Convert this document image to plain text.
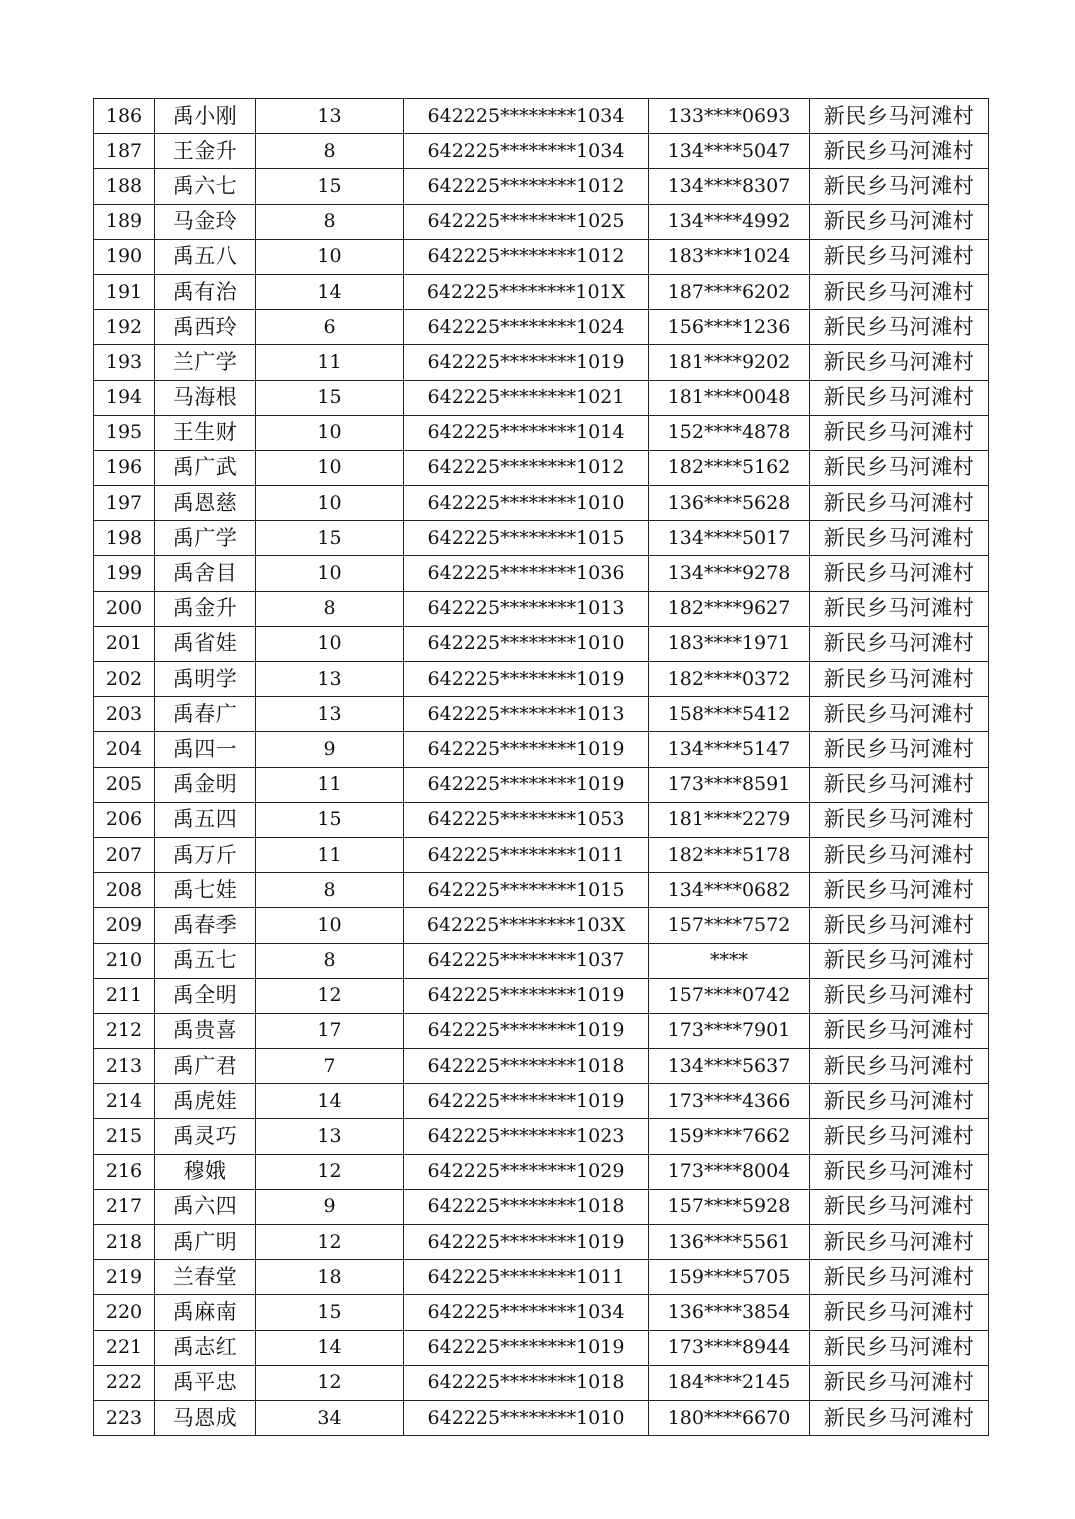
186	禹小刚	13	642225********1034	133****0693	新民乡马河滩村
187	王金升	8	642225********1034	134****5047	新民乡马河滩村
188	禹六七	15	642225********1012	134****8307	新民乡马河滩村
189	马金玲	8	642225********1025	134****4992	新民乡马河滩村
190	禹五八	10	642225********1012	183****1024	新民乡马河滩村
191	禹有治	14	642225********101X	187****6202	新民乡马河滩村
192	禹西玲	6	642225********1024	156****1236	新民乡马河滩村
193	兰广学	11	642225********1019	181****9202	新民乡马河滩村
194	马海根	15	642225********1021	181****0048	新民乡马河滩村
195	王生财	10	642225********1014	152****4878	新民乡马河滩村
196	禹广武	10	642225********1012	182****5162	新民乡马河滩村
197	禹恩慈	10	642225********1010	136****5628	新民乡马河滩村
198	禹广学	15	642225********1015	134****5017	新民乡马河滩村
199	禹舍目	10	642225********1036	134****9278	新民乡马河滩村
200	禹金升	8	642225********1013	182****9627	新民乡马河滩村
201	禹省娃	10	642225********1010	183****1971	新民乡马河滩村
202	禹明学	13	642225********1019	182****0372	新民乡马河滩村
203	禹春广	13	642225********1013	158****5412	新民乡马河滩村
204	禹四一	9	642225********1019	134****5147	新民乡马河滩村
205	禹金明	11	642225********1019	173****8591	新民乡马河滩村
206	禹五四	15	642225********1053	181****2279	新民乡马河滩村
207	禹万斤	11	642225********1011	182****5178	新民乡马河滩村
208	禹七娃	8	642225********1015	134****0682	新民乡马河滩村
209	禹春季	10	642225********103X	157****7572	新民乡马河滩村
210	禹五七	8	642225********1037	****	新民乡马河滩村
211	禹全明	12	642225********1019	157****0742	新民乡马河滩村
212	禹贵喜	17	642225********1019	173****7901	新民乡马河滩村
213	禹广君	7	642225********1018	134****5637	新民乡马河滩村
214	禹虎娃	14	642225********1019	173****4366	新民乡马河滩村
215	禹灵巧	13	642225********1023	159****7662	新民乡马河滩村
216	穆娥	12	642225********1029	173****8004	新民乡马河滩村
217	禹六四	9	642225********1018	157****5928	新民乡马河滩村
218	禹广明	12	642225********1019	136****5561	新民乡马河滩村
219	兰春堂	18	642225********1011	159****5705	新民乡马河滩村
220	禹麻南	15	642225********1034	136****3854	新民乡马河滩村
221	禹志红	14	642225********1019	173****8944	新民乡马河滩村
222	禹平忠	12	642225********1018	184****2145	新民乡马河滩村
223	马恩成	34	642225********1010	180****6670	新民乡马河滩村
